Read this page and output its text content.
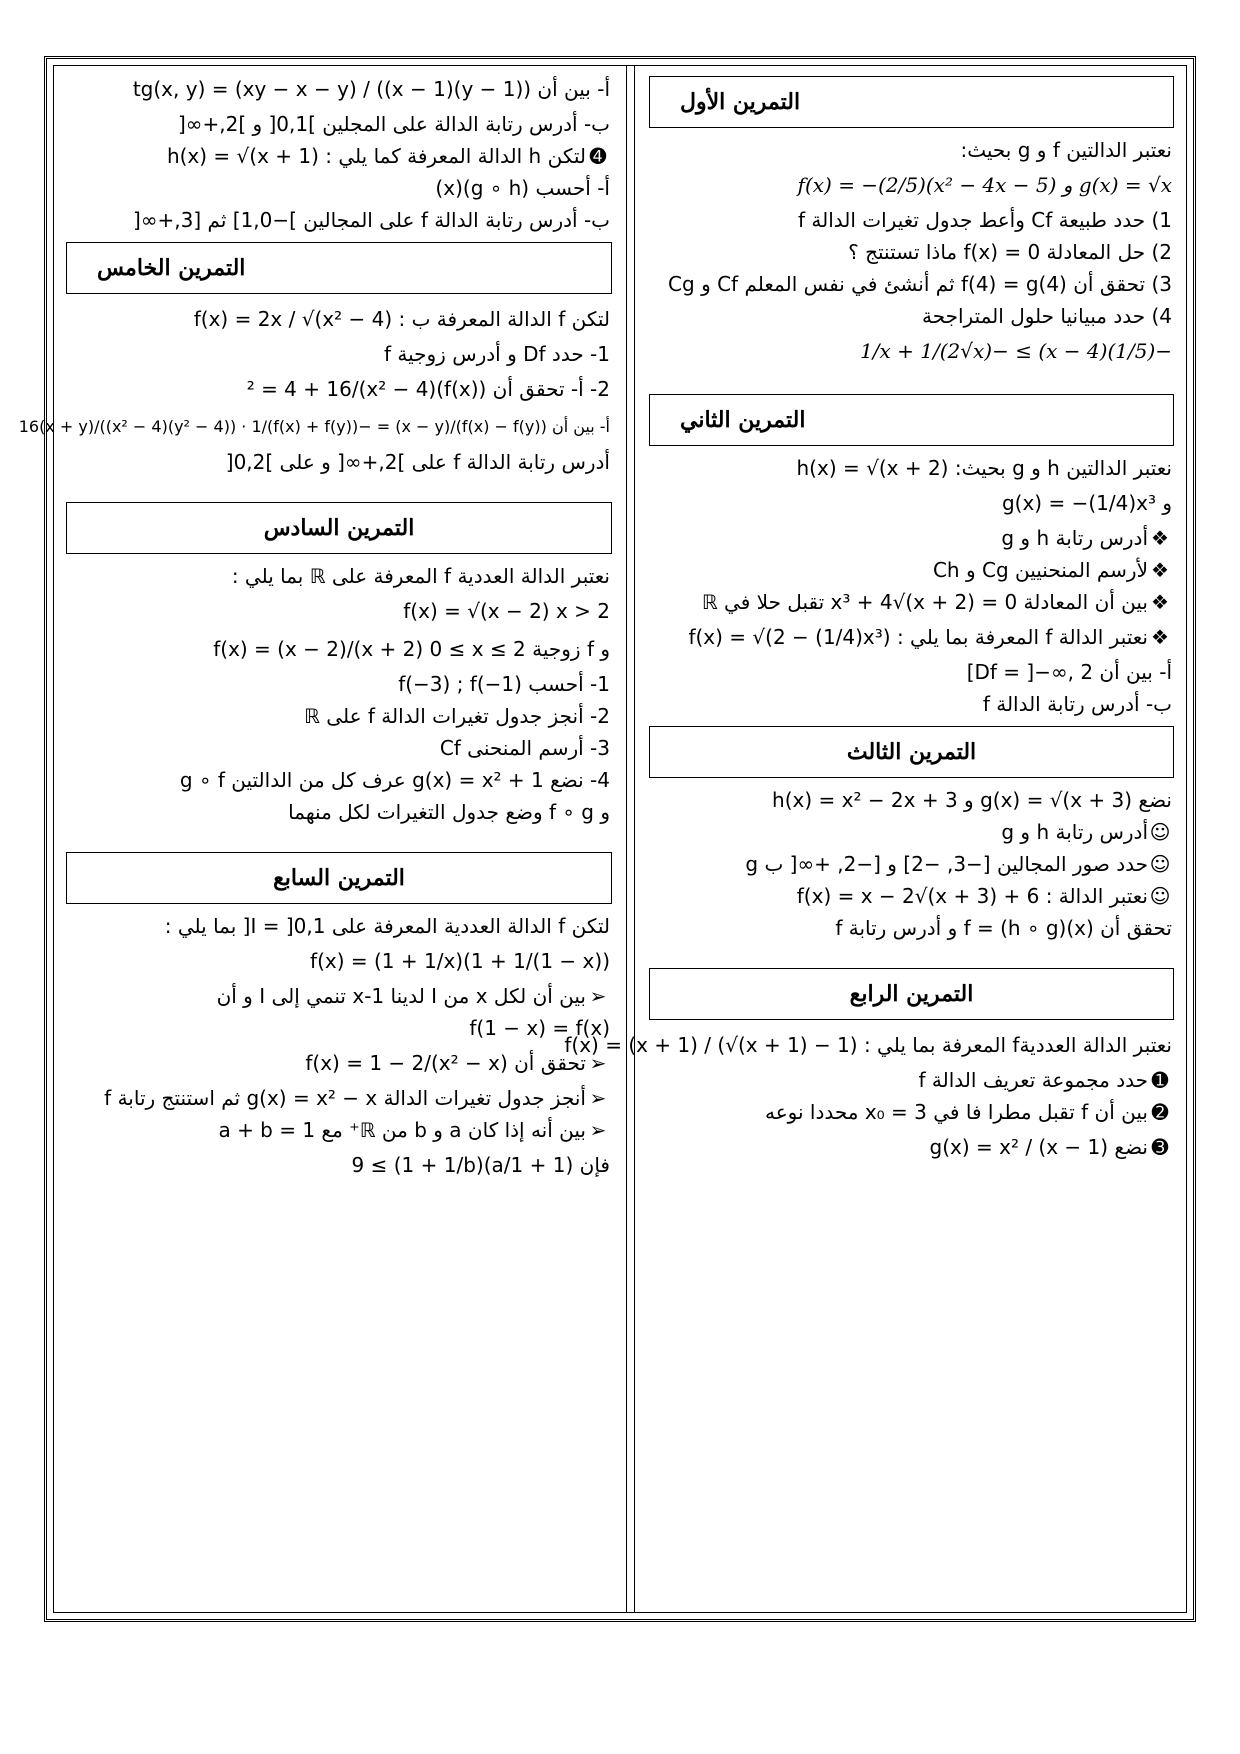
التمرين الأول
نعتبر الدالتين f و g بحيث:
g(x) = √x و f(x) = −(2/5)(x² − 4x − 5)
1) حدد طبيعة Cf وأعط جدول تغيرات الدالة f
2) حل المعادلة f(x) = 0 ماذا تستنتج ؟
3) تحقق أن f(4) = g(4) ثم أنشئ في نفس المعلم Cf و Cg
4) حدد مبيانيا حلول المتراجحة
−(1/5)(x − 4) ≥ −1/x + 1/(2√x)
التمرين الثاني
نعتبر الدالتين h و g بحيث: h(x) = √(x + 2)
و g(x) = −(1/4)x³
❖أدرس رتابة h و g
❖لأرسم المنحنيين Cg و Ch
❖بين أن المعادلة x³ + 4√(x + 2) = 0 تقبل حلا في ℝ
❖نعتبر الدالة f المعرفة بما يلي : f(x) = √(2 − (1/4)x³)
أ- بين أن Df = ]−∞, 2]
ب- أدرس رتابة الدالة f
التمرين الثالث
نضع g(x) = √(x + 3) و h(x) = x² − 2x + 3
☺أدرس رتابة h و g
☺حدد صور المجالين [−3, −2] و [−2, +∞[ ب g
☺نعتبر الدالة : f(x) = x − 2√(x + 3) + 6
تحقق أن f = (h ∘ g)(x) و أدرس رتابة f
التمرين الرابع
نعتبر الدالة العدديةf المعرفة بما يلي : f(x) = (x + 1) / (√(x + 1) − 1)
➊حدد مجموعة تعريف الدالة f
➋بين أن f تقبل مطرا فا في x₀ = 3 محددا نوعه
➌نضع g(x) = x² / (x − 1)
أ- بين أن tg(x, y) = (xy − x − y) / ((x − 1)(y − 1))
ب- أدرس رتابة الدالة على المجلين ]0,1[ و ]2,+∞[
➍لتكن h الدالة المعرفة كما يلي : h(x) = √(x + 1)
أ- أحسب (g ∘ h)(x)
ب- أدرس رتابة الدالة f على المجالين ]−1,0] ثم [3,+∞[
التمرين الخامس
لتكن f الدالة المعرفة ب : f(x) = 2x / √(x² − 4)
1- حدد Df و أدرس زوجية f
2- أ- تحقق أن (f(x))² = 4 + 16/(x² − 4)
أ- بين أن (f(x) − f(y))/(x − y) = −16(x + y)/((x² − 4)(y² − 4)) · 1/(f(x) + f(y))
أدرس رتابة الدالة f على ]2,+∞[ و على ]0,2[
التمرين السادس
نعتبر الدالة العددية f المعرفة على ℝ بما يلي :
f(x) = √(x − 2) x > 2
و f زوجية f(x) = (x − 2)/(x + 2) 0 ≤ x ≤ 2
1- أحسب f(−3) ; f(−1)
2- أنجز جدول تغيرات الدالة f على ℝ
3- أرسم المنحنى Cf
4- نضع g(x) = x² + 1 عرف كل من الدالتين g ∘ f
و f ∘ g وضع جدول التغيرات لكل منهما
التمرين السابع
لتكن f الدالة العددية المعرفة على I = ]0,1[ بما يلي :
f(x) = (1 + 1/x)(1 + 1/(1 − x))
➢بين أن لكل x من I لدينا 1-x تنمي إلى I و أن
f(1 − x) = f(x)
➢تحقق أن f(x) = 1 − 2/(x² − x)
➢أنجز جدول تغيرات الدالة g(x) = x² − x ثم استنتج رتابة f
➢بين أنه إذا كان a و b من ℝ⁺ مع a + b = 1
فإن (1 + 1/a)(1 + 1/b) ≥ 9
